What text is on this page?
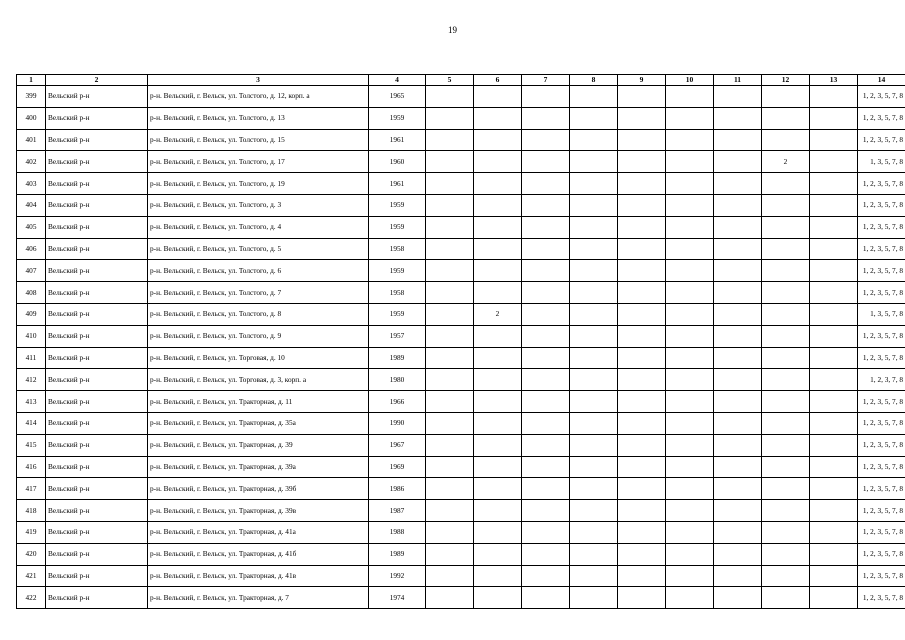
19
1	2	3	4	5	6	7	8	9	10	11	12	13	14
399	Вельский р-н	р-н. Вельский, г. Вельск, ул. Толстого, д. 12, корп. а	1965										1, 2, 3, 5, 7, 8
400	Вельский р-н	р-н. Вельский, г. Вельск, ул. Толстого, д. 13	1959										1, 2, 3, 5, 7, 8
401	Вельский р-н	р-н. Вельский, г. Вельск, ул. Толстого, д. 15	1961										1, 2, 3, 5, 7, 8
402	Вельский р-н	р-н. Вельский, г. Вельск, ул. Толстого, д. 17	1960								2		1, 3, 5, 7, 8
403	Вельский р-н	р-н. Вельский, г. Вельск, ул. Толстого, д. 19	1961										1, 2, 3, 5, 7, 8
404	Вельский р-н	р-н. Вельский, г. Вельск, ул. Толстого, д. 3	1959										1, 2, 3, 5, 7, 8
405	Вельский р-н	р-н. Вельский, г. Вельск, ул. Толстого, д. 4	1959										1, 2, 3, 5, 7, 8
406	Вельский р-н	р-н. Вельский, г. Вельск, ул. Толстого, д. 5	1958										1, 2, 3, 5, 7, 8
407	Вельский р-н	р-н. Вельский, г. Вельск, ул. Толстого, д. 6	1959										1, 2, 3, 5, 7, 8
408	Вельский р-н	р-н. Вельский, г. Вельск, ул. Толстого, д. 7	1958										1, 2, 3, 5, 7, 8
409	Вельский р-н	р-н. Вельский, г. Вельск, ул. Толстого, д. 8	1959		2								1, 3, 5, 7, 8
410	Вельский р-н	р-н. Вельский, г. Вельск, ул. Толстого, д. 9	1957										1, 2, 3, 5, 7, 8
411	Вельский р-н	р-н. Вельский, г. Вельск, ул. Торговая, д. 10	1989										1, 2, 3, 5, 7, 8
412	Вельский р-н	р-н. Вельский, г. Вельск, ул. Торговая, д. 3, корп. а	1980										1, 2, 3, 7, 8
413	Вельский р-н	р-н. Вельский, г. Вельск, ул. Тракторная, д. 11	1966										1, 2, 3, 5, 7, 8
414	Вельский р-н	р-н. Вельский, г. Вельск, ул. Тракторная, д. 35а	1990										1, 2, 3, 5, 7, 8
415	Вельский р-н	р-н. Вельский, г. Вельск, ул. Тракторная, д. 39	1967										1, 2, 3, 5, 7, 8
416	Вельский р-н	р-н. Вельский, г. Вельск, ул. Тракторная, д. 39а	1969										1, 2, 3, 5, 7, 8
417	Вельский р-н	р-н. Вельский, г. Вельск, ул. Тракторная, д. 39б	1986										1, 2, 3, 5, 7, 8
418	Вельский р-н	р-н. Вельский, г. Вельск, ул. Тракторная, д. 39в	1987										1, 2, 3, 5, 7, 8
419	Вельский р-н	р-н. Вельский, г. Вельск, ул. Тракторная, д. 41а	1988										1, 2, 3, 5, 7, 8
420	Вельский р-н	р-н. Вельский, г. Вельск, ул. Тракторная, д. 41б	1989										1, 2, 3, 5, 7, 8
421	Вельский р-н	р-н. Вельский, г. Вельск, ул. Тракторная, д. 41в	1992										1, 2, 3, 5, 7, 8
422	Вельский р-н	р-н. Вельский, г. Вельск, ул. Тракторная, д. 7	1974										1, 2, 3, 5, 7, 8
